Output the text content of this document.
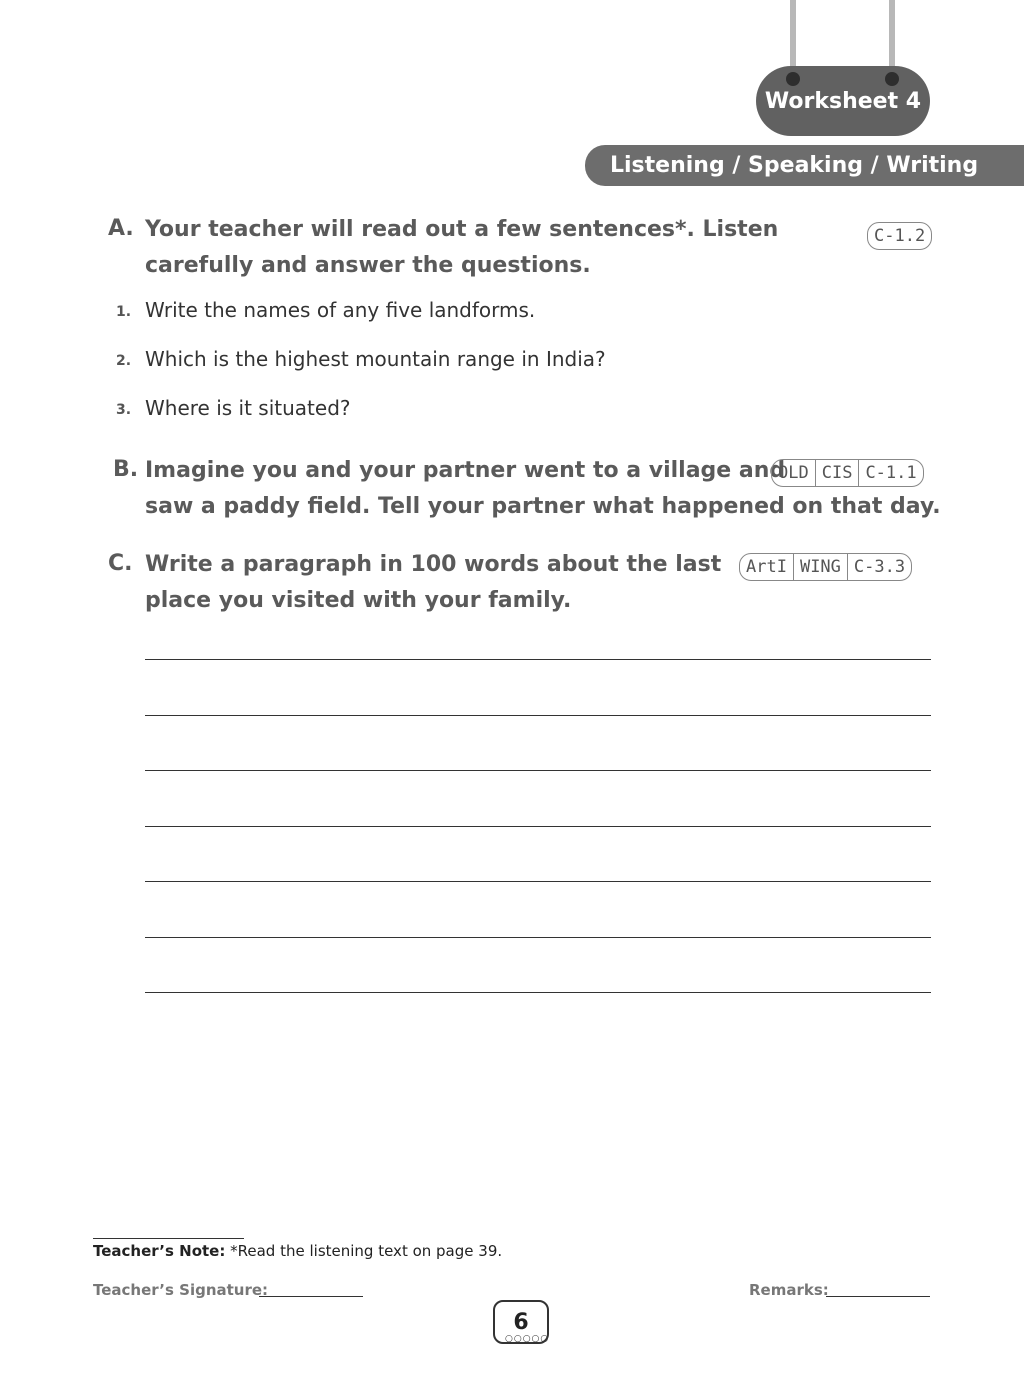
Worksheet 4
Listening / Speaking / Writing
A. Your teacher will read out a few sentences*. Listen
carefully and answer the questions.
C-1.2
1. Write the names of any five landforms.
2. Which is the highest mountain range in India?
3. Where is it situated?
B. Imagine you and your partner went to a village and
saw a paddy field. Tell your partner what happened on that day.
OLD CIS C-1.1
C. Write a paragraph in 100 words about the last
place you visited with your family.
ArtI WING C-3.3
Teacher’s Note: *Read the listening text on page 39.
Teacher’s Signature:	Remarks:
6
○○○○○
